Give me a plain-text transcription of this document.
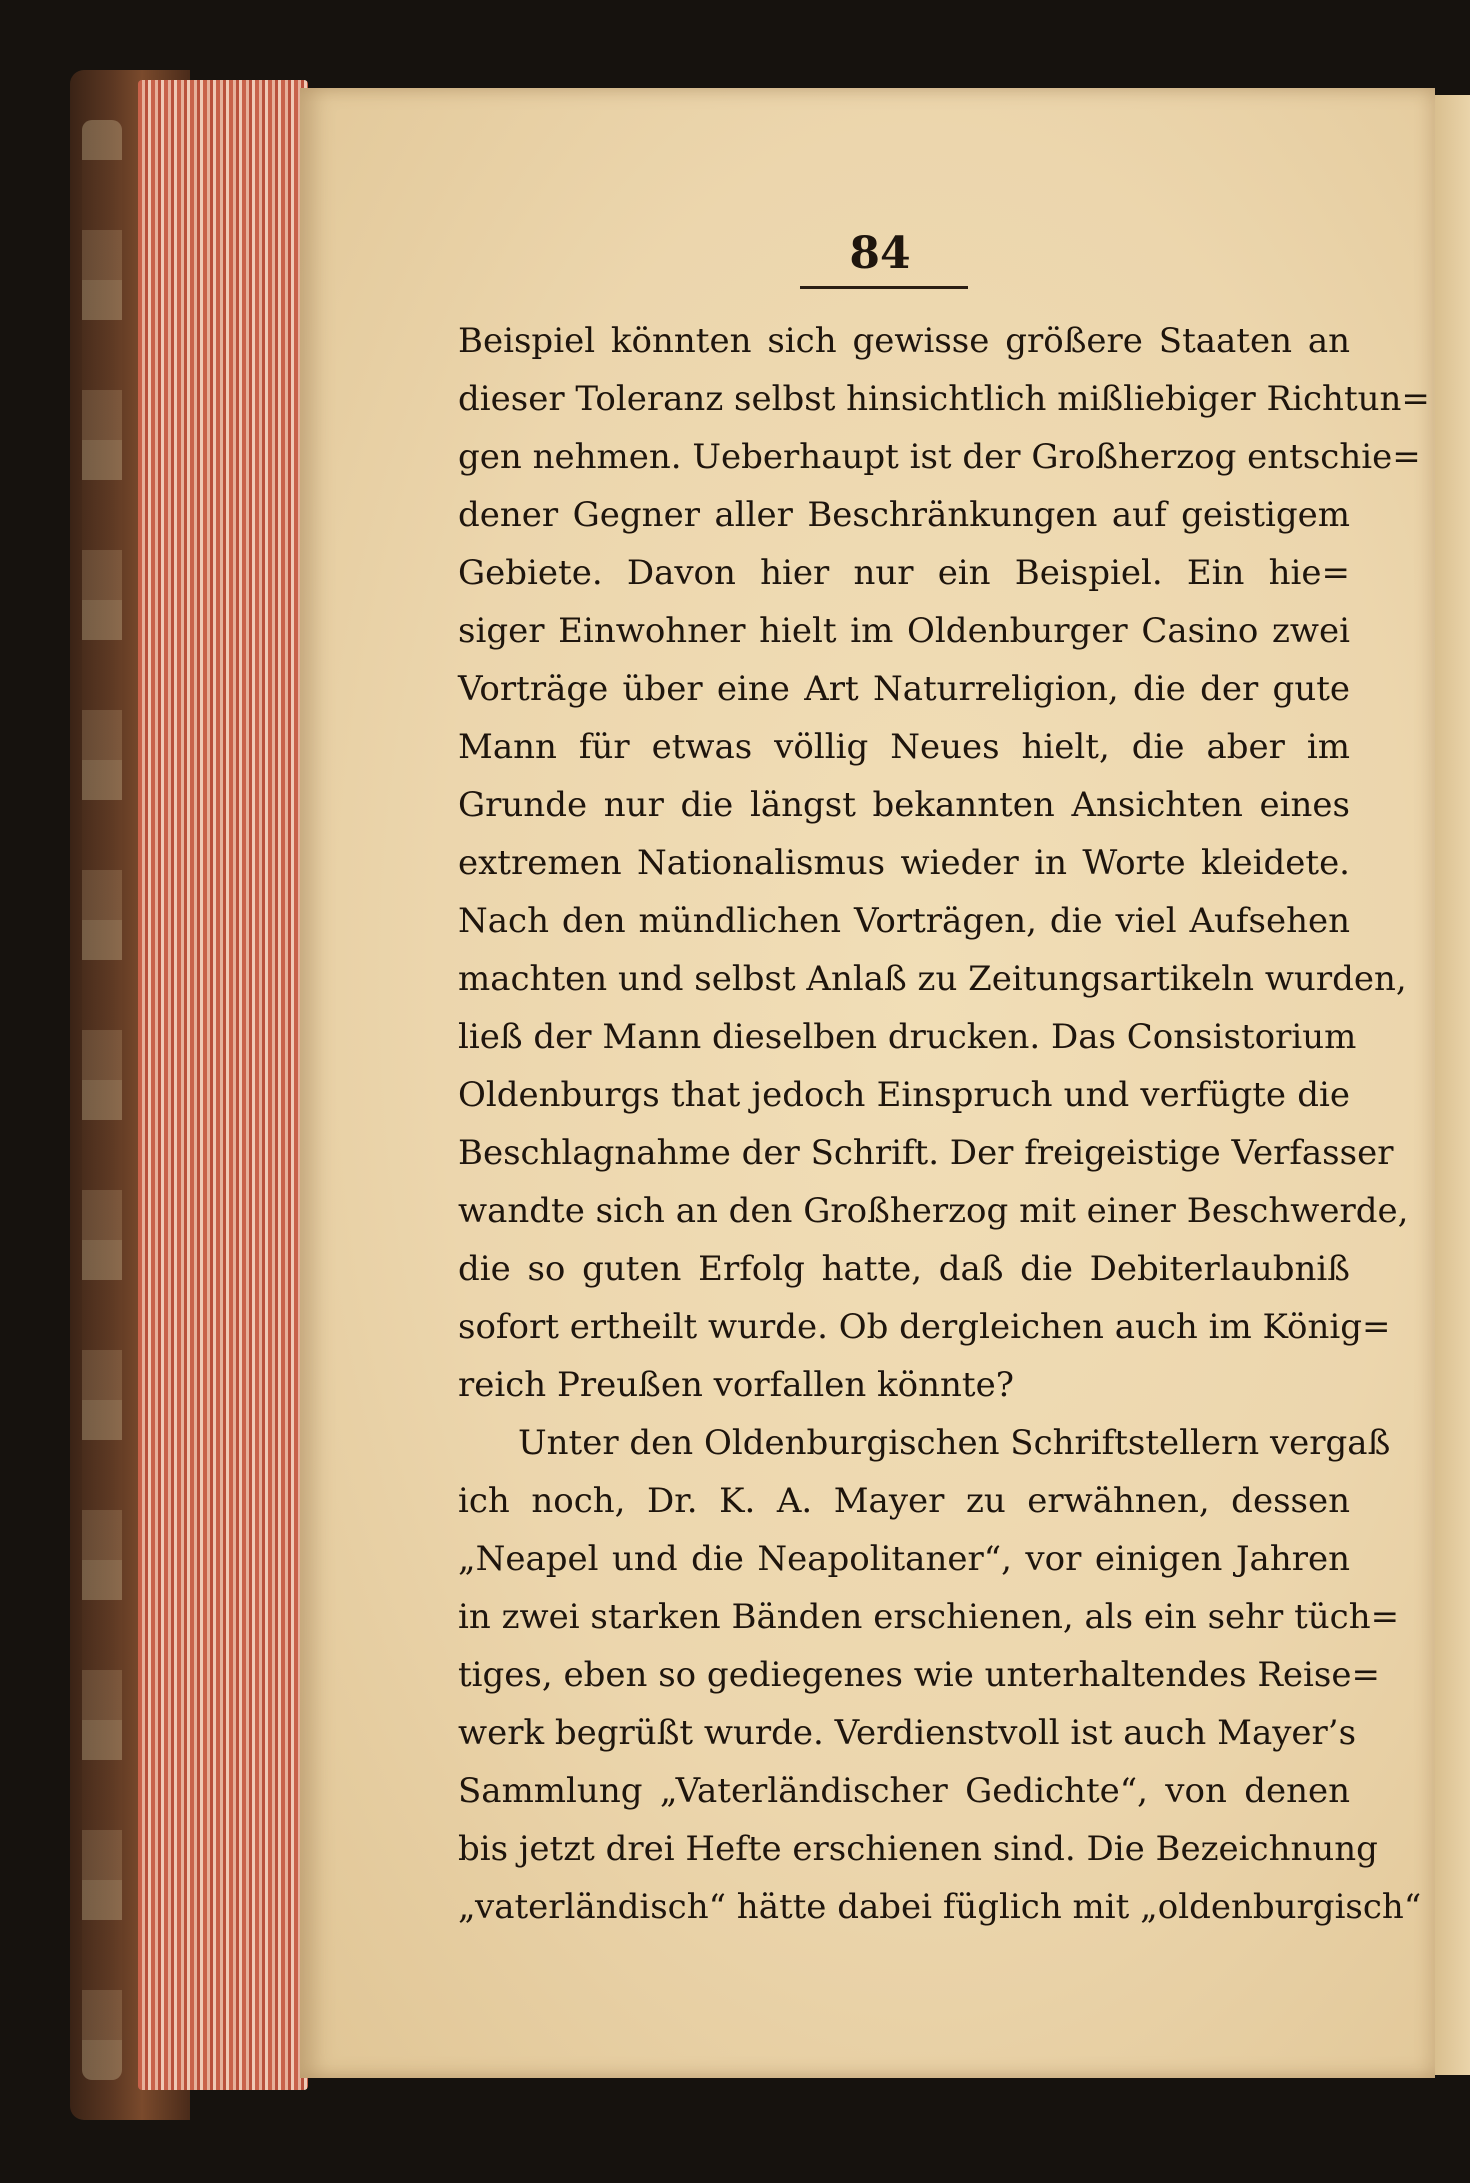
84
Beispiel könnten sich gewisse größere Staaten an
dieser Toleranz selbst hinsichtlich mißliebiger Richtun=
gen nehmen. Ueberhaupt ist der Großherzog entschie=
dener Gegner aller Beschränkungen auf geistigem
Gebiete. Davon hier nur ein Beispiel. Ein hie=
siger Einwohner hielt im Oldenburger Casino zwei
Vorträge über eine Art Naturreligion, die der gute
Mann für etwas völlig Neues hielt, die aber im
Grunde nur die längst bekannten Ansichten eines
extremen Nationalismus wieder in Worte kleidete.
Nach den mündlichen Vorträgen, die viel Aufsehen
machten und selbst Anlaß zu Zeitungsartikeln wurden,
ließ der Mann dieselben drucken. Das Consistorium
Oldenburgs that jedoch Einspruch und verfügte die
Beschlagnahme der Schrift. Der freigeistige Verfasser
wandte sich an den Großherzog mit einer Beschwerde,
die so guten Erfolg hatte, daß die Debiterlaubniß
sofort ertheilt wurde. Ob dergleichen auch im König=
reich Preußen vorfallen könnte?
Unter den Oldenburgischen Schriftstellern vergaß
ich noch, Dr. K. A. Mayer zu erwähnen, dessen
„Neapel und die Neapolitaner“, vor einigen Jahren
in zwei starken Bänden erschienen, als ein sehr tüch=
tiges, eben so gediegenes wie unterhaltendes Reise=
werk begrüßt wurde. Verdienstvoll ist auch Mayer’s
Sammlung „Vaterländischer Gedichte“, von denen
bis jetzt drei Hefte erschienen sind. Die Bezeichnung
„vaterländisch“ hätte dabei füglich mit „oldenburgisch“
